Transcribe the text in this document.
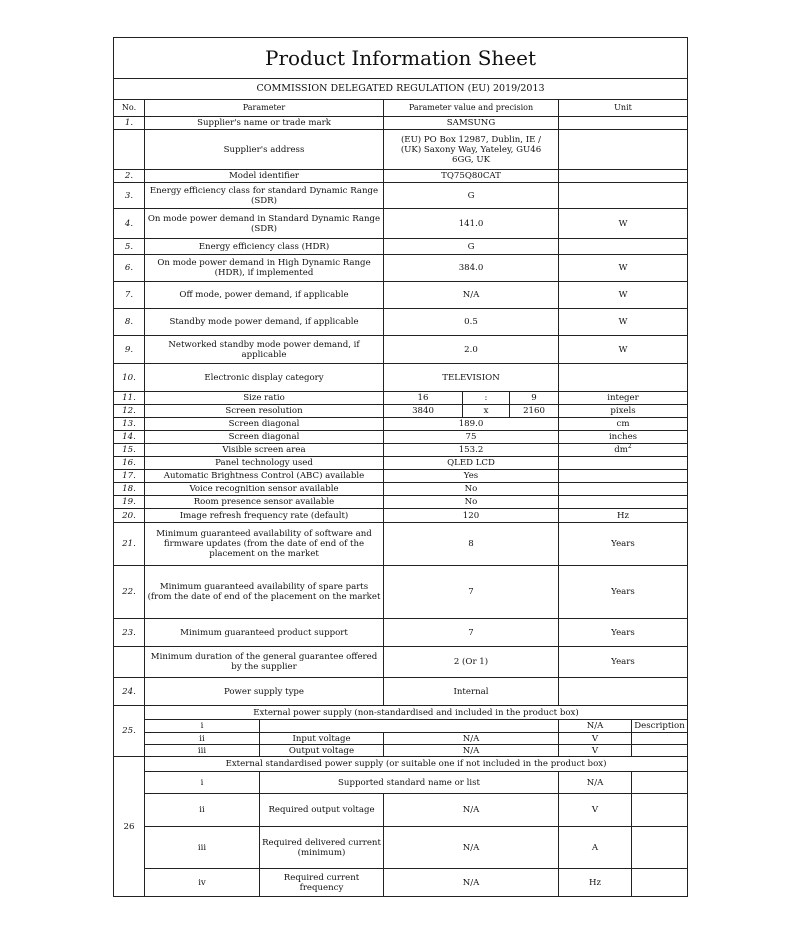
Product Information Sheet							
COMMISSION DELEGATED REGULATION (EU) 2019/2013							
No.	Parameter		Parameter value and precision			Unit	
1.	Supplier's name or trade mark		SAMSUNG				
	Supplier's address		(EU) PO Box 12987, Dublin, IE / (UK) Saxony Way, Yateley, GU46 6GG, UK				
2.	Model identifier		TQ75Q80CAT				
3.	Energy efficiency class for standard Dynamic Range (SDR)		G				
4.	On mode power demand in Standard Dynamic Range (SDR)		141.0			W	
5.	Energy efficiency class (HDR)		G				
6.	On mode power demand in High Dynamic Range (HDR), if implemented		384.0			W	
7.	Off mode, power demand, if applicable		N/A			W	
8.	Standby mode power demand, if applicable		0.5			W	
9.	Networked standby mode power demand, if applicable		2.0			W	
10.	Electronic display category		TELEVISION				
11.	Size ratio		16	:	9	integer	
12.	Screen resolution		3840	x	2160	pixels	
13.	Screen diagonal		189.0			cm	
14.	Screen diagonal		75			inches	
15.	Visible screen area		153.2			$dm^2$
16.	Panel technology used		QLED LCD				
17.	Automatic Brightness Control (ABC) available		Yes				
18.	Voice recognition sensor available		No				
19.	Room presence sensor available		No				
20.	Image refresh frequency rate (default)		120			Hz	
21.	Minimum guaranteed availability of software and firmware updates (from the date of end of the placement on the market		8			Years	
22.	Minimum guaranteed availability of spare parts (from the date of end of the placement on the market		7			Years	
23.	Minimum guaranteed product support		7			Years	
	Minimum duration of the general guarantee offered by the supplier		2 (Or 1)			Years	
24.	Power supply type		Internal				
25.	External power supply (non-standardised and included in the product box)						
	i					N/A	Description
	ii	Input voltage	N/A			V	
	iii	Output voltage	N/A			V	
26	External standardised power supply (or suitable one if not included in the product box)						
	i	Supported standard name or list				N/A	
	ii	Required output voltage	N/A			V	
	iii	Required delivered current (minimum)	N/A			A	
	iv	Required current frequency	N/A			Hz	
